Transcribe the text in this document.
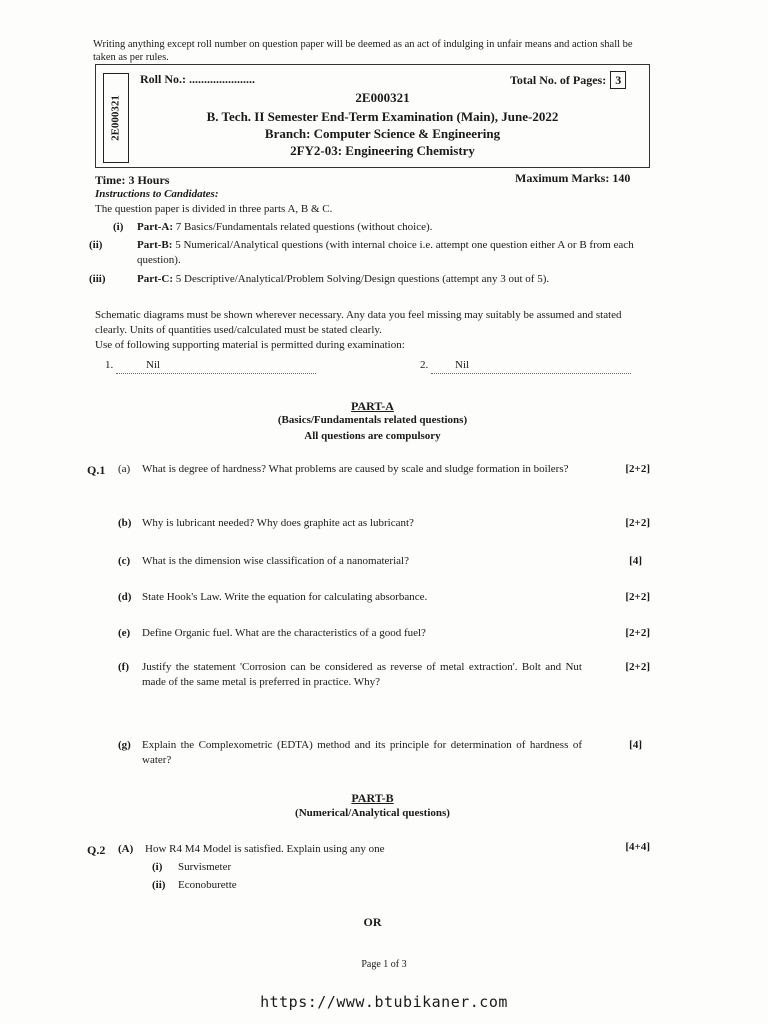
Writing anything except roll number on question paper will be deemed as an act of indulging in unfair means and action shall be taken as per rules.
2E000321
Roll No.: ......................	Total No. of Pages: 3
2E000321
B. Tech. II Semester End-Term Examination (Main), June-2022
Branch: Computer Science & Engineering
2FY2-03: Engineering Chemistry
Time: 3 Hours	Maximum Marks: 140
Instructions to Candidates:
The question paper is divided in three parts A, B & C.
(i) Part-A: 7 Basics/Fundamentals related questions (without choice).
(ii)	Part-B: 5 Numerical/Analytical questions (with internal choice i.e. attempt one question either A or B from each question).
(iii)	Part-C: 5 Descriptive/Analytical/Problem Solving/Design questions (attempt any 3 out of 5).
Schematic diagrams must be shown wherever necessary. Any data you feel missing may suitably be assumed and stated clearly. Units of quantities used/calculated must be stated clearly.
Use of following supporting material is permitted during examination:
1.	Nil	2. Nil
PART-A
(Basics/Fundamentals related questions)
All questions are compulsory
Q.1 (a) What is degree of hardness? What problems are caused by scale and sludge formation in boilers?	[2+2]
(b) Why is lubricant needed? Why does graphite act as lubricant?	[2+2]
(c) What is the dimension wise classification of a nanomaterial?	[4]
(d) State Hook's Law. Write the equation for calculating absorbance.	[2+2]
(e) Define Organic fuel. What are the characteristics of a good fuel?	[2+2]
(f) Justify the statement 'Corrosion can be considered as reverse of metal extraction'. Bolt and Nut made of the same metal is preferred in practice. Why?
[2+2]
(g) Explain the Complexometric (EDTA) method and its principle for determination of hardness of water?
[4]
PART-B
(Numerical/Analytical questions)
Q.2 (A) How R4 M4 Model is satisfied. Explain using any one	[4+4]
(i) Survismeter
(ii) Econoburette
OR
Page 1 of 3
https://www.btubikaner.com
